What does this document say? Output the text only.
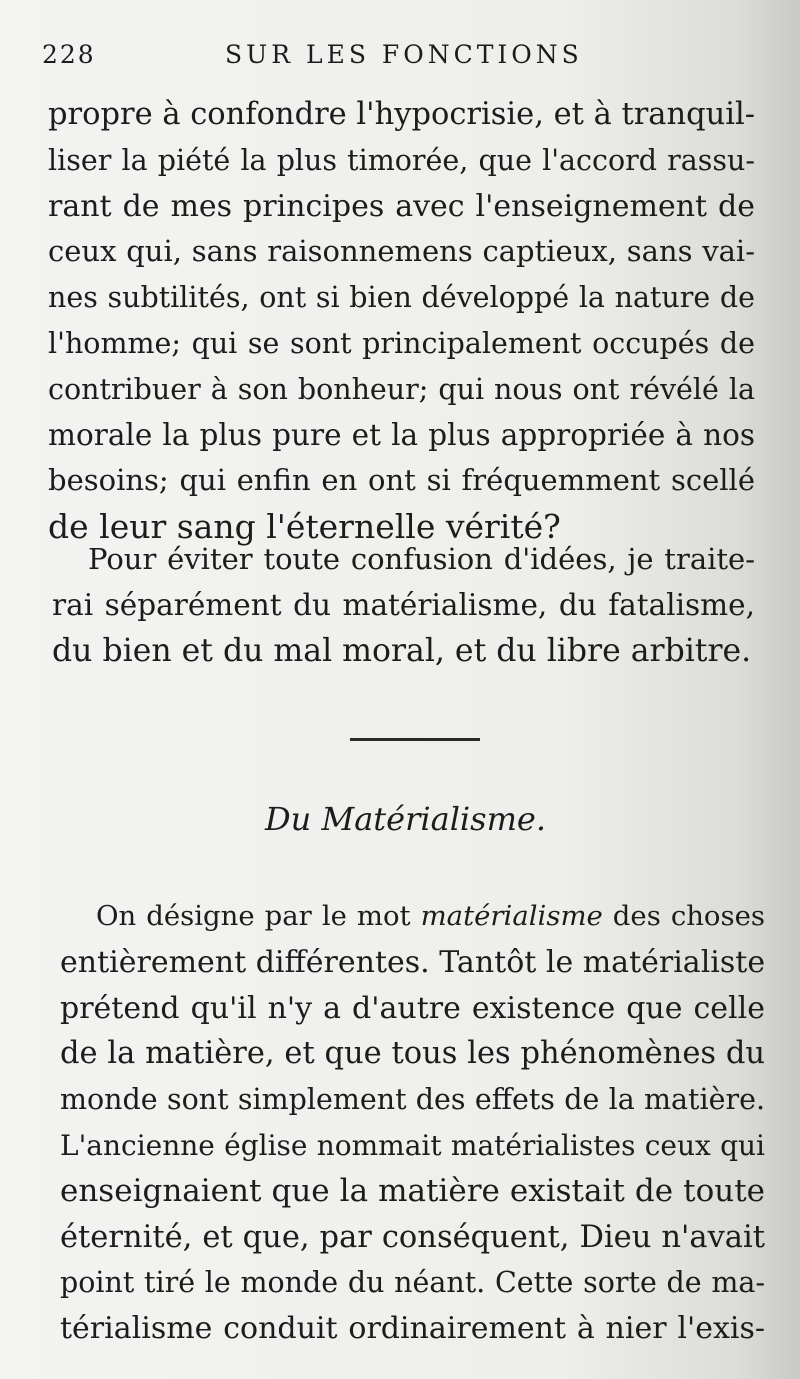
228	SUR LES FONCTIONS
propre à confondre l'hypocrisie, et à tranquil-
liser la piété la plus timorée, que l'accord rassu-
rant de mes principes avec l'enseignement de
ceux qui, sans raisonnemens captieux, sans vai-
nes subtilités, ont si bien développé la nature de
l'homme; qui se sont principalement occupés de
contribuer à son bonheur; qui nous ont révélé la
morale la plus pure et la plus appropriée à nos
besoins; qui enfin en ont si fréquemment scellé
de leur sang l'éternelle vérité?
Pour éviter toute confusion d'idées, je traite-
rai séparément du matérialisme, du fatalisme,
du bien et du mal moral, et du libre arbitre.
Du Matérialisme.
On désigne par le mot matérialisme des choses
entièrement différentes. Tantôt le matérialiste
prétend qu'il n'y a d'autre existence que celle
de la matière, et que tous les phénomènes du
monde sont simplement des effets de la matière.
L'ancienne église nommait matérialistes ceux qui
enseignaient que la matière existait de toute
éternité, et que, par conséquent, Dieu n'avait
point tiré le monde du néant. Cette sorte de ma-
térialisme conduit ordinairement à nier l'exis-
